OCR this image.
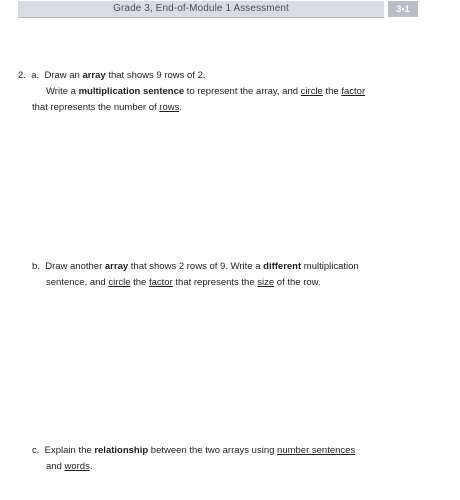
Grade 3, End-of-Module 1 Assessment	3•1
2. a. Draw an array that shows 9 rows of 2.
Write a multiplication sentence to represent the array, and circle the factor
that represents the number of rows.
b. Draw another array that shows 2 rows of 9. Write a different multiplication
sentence, and circle the factor that represents the size of the row.
c. Explain the relationship between the two arrays using number sentences
and words.
